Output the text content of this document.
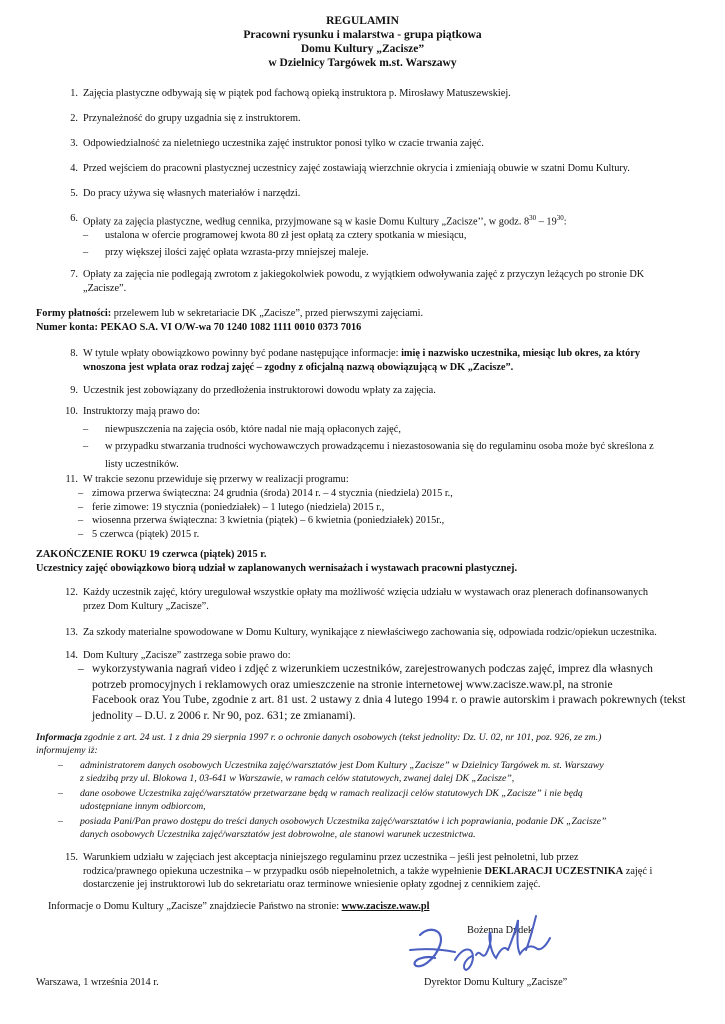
REGULAMIN
Pracowni rysunku i malarstwa - grupa piątkowa
Domu Kultury „Zacisze”
w Dzielnicy Targówek m.st. Warszawy
1. Zajęcia plastyczne odbywają się w piątek pod fachową opieką instruktora p. Mirosławy Matuszewskiej.
2. Przynależność do grupy uzgadnia się z instruktorem.
3. Odpowiedzialność za nieletniego uczestnika zajęć instruktor ponosi tylko w czacie trwania zajęć.
4. Przed wejściem do pracowni plastycznej uczestnicy zajęć zostawiają wierzchnie okrycia i zmieniają obuwie w szatni Domu Kultury.
5. Do pracy używa się własnych materiałów i narzędzi.
6. Opłaty za zajęcia plastyczne, według cennika, przyjmowane są w kasie Domu Kultury „Zacisze’’, w godz. $8^{30} - 19^{30}$:
– ustalona w ofercie programowej kwota 80 zł jest opłatą za cztery spotkania w miesiącu,
– przy większej ilości zajęć opłata wzrasta-przy mniejszej maleje.
7. Opłaty za zajęcia nie podlegają zwrotom z jakiegokolwiek powodu, z wyjątkiem odwoływania zajęć z przyczyn leżących po stronie DK
„Zacisze”.
Formy płatności: przelewem lub w sekretariacie DK „Zacisze”, przed pierwszymi zajęciami.
Numer konta: PEKAO S.A. VI O/W-wa 70 1240 1082 1111 0010 0373 7016
8. W tytule wpłaty obowiązkowo powinny być podane następujące informacje: imię i nazwisko uczestnika, miesiąc lub okres, za który
wnoszona jest wpłata oraz rodzaj zajęć – zgodny z oficjalną nazwą obowiązującą w DK „Zacisze”.
9. Uczestnik jest zobowiązany do przedłożenia instruktorowi dowodu wpłaty za zajęcia.
10. Instruktorzy mają prawo do:
– niewpuszczenia na zajęcia osób, które nadal nie mają opłaconych zajęć,
– w przypadku stwarzania trudności wychowawczych prowadzącemu i niezastosowania się do regulaminu osoba może być skreślona z
listy uczestników.
11. W trakcie sezonu przewiduje się przerwy w realizacji programu:
– zimowa przerwa świąteczna: 24 grudnia (środa) 2014 r. – 4 stycznia (niedziela) 2015 r.,
– ferie zimowe: 19 stycznia (poniedziałek) – 1 lutego (niedziela) 2015 r.,
– wiosenna przerwa świąteczna: 3 kwietnia (piątek) – 6 kwietnia (poniedziałek) 2015r.,
– 5 czerwca (piątek) 2015 r.
ZAKOŃCZENIE ROKU 19 czerwca (piątek) 2015 r.
Uczestnicy zajęć obowiązkowo biorą udział w zaplanowanych wernisażach i wystawach pracowni plastycznej.
12. Każdy uczestnik zajęć, który uregulował wszystkie opłaty ma możliwość wzięcia udziału w wystawach oraz plenerach dofinansowanych
przez Dom Kultury „Zacisze”.
13. Za szkody materialne spowodowane w Domu Kultury, wynikające z niewłaściwego zachowania się, odpowiada rodzic/opiekun uczestnika.
14. Dom Kultury „Zacisze” zastrzega sobie prawo do:
– wykorzystywania nagrań video i zdjęć z wizerunkiem uczestników, zarejestrowanych podczas zajęć, imprez dla własnych
potrzeb promocyjnych i reklamowych oraz umieszczenie na stronie internetowej www.zacisze.waw.pl, na stronie
Facebook oraz You Tube, zgodnie z art. 81 ust. 2 ustawy z dnia 4 lutego 1994 r. o prawie autorskim i prawach pokrewnych (tekst
jednolity – D.U. z 2006 r. Nr 90, poz. 631; ze zmianami).
Informacja zgodnie z art. 24 ust. 1 z dnia 29 sierpnia 1997 r. o ochronie danych osobowych (tekst jednolity: Dz. U. 02, nr 101, poz. 926, ze zm.)
informujemy iż:
– administratorem danych osobowych Uczestnika zajęć/warsztatów jest Dom Kultury „Zacisze” w Dzielnicy Targówek m. st. Warszawy
z siedzibą przy ul. Blokowa 1, 03-641 w Warszawie, w ramach celów statutowych, zwanej dalej DK „Zacisze”,
– dane osobowe Uczestnika zajęć/warsztatów przetwarzane będą w ramach realizacji celów statutowych DK „Zacisze” i nie będą
udostępniane innym odbiorcom,
– posiada Pani/Pan prawo dostępu do treści danych osobowych Uczestnika zajęć/warsztatów i ich poprawiania, podanie DK „Zacisze”
danych osobowych Uczestnika zajęć/warsztatów jest dobrowolne, ale stanowi warunek uczestnictwa.
15. Warunkiem udziału w zajęciach jest akceptacja niniejszego regulaminu przez uczestnika – jeśli jest pełnoletni, lub przez
rodzica/prawnego opiekuna uczestnika – w przypadku osób niepełnoletnich, a także wypełnienie DEKLARACJI UCZESTNIKA zajęć i
dostarczenie jej instruktorowi lub do sekretariatu oraz terminowe wniesienie opłaty zgodnej z cennikiem zajęć.
Informacje o Domu Kultury „Zacisze” znajdziecie Państwo na stronie: www.zacisze.waw.pl
Bożenna Dydek
Warszawa, 1 września 2014 r.	Dyrektor Domu Kultury „Zacisze”
